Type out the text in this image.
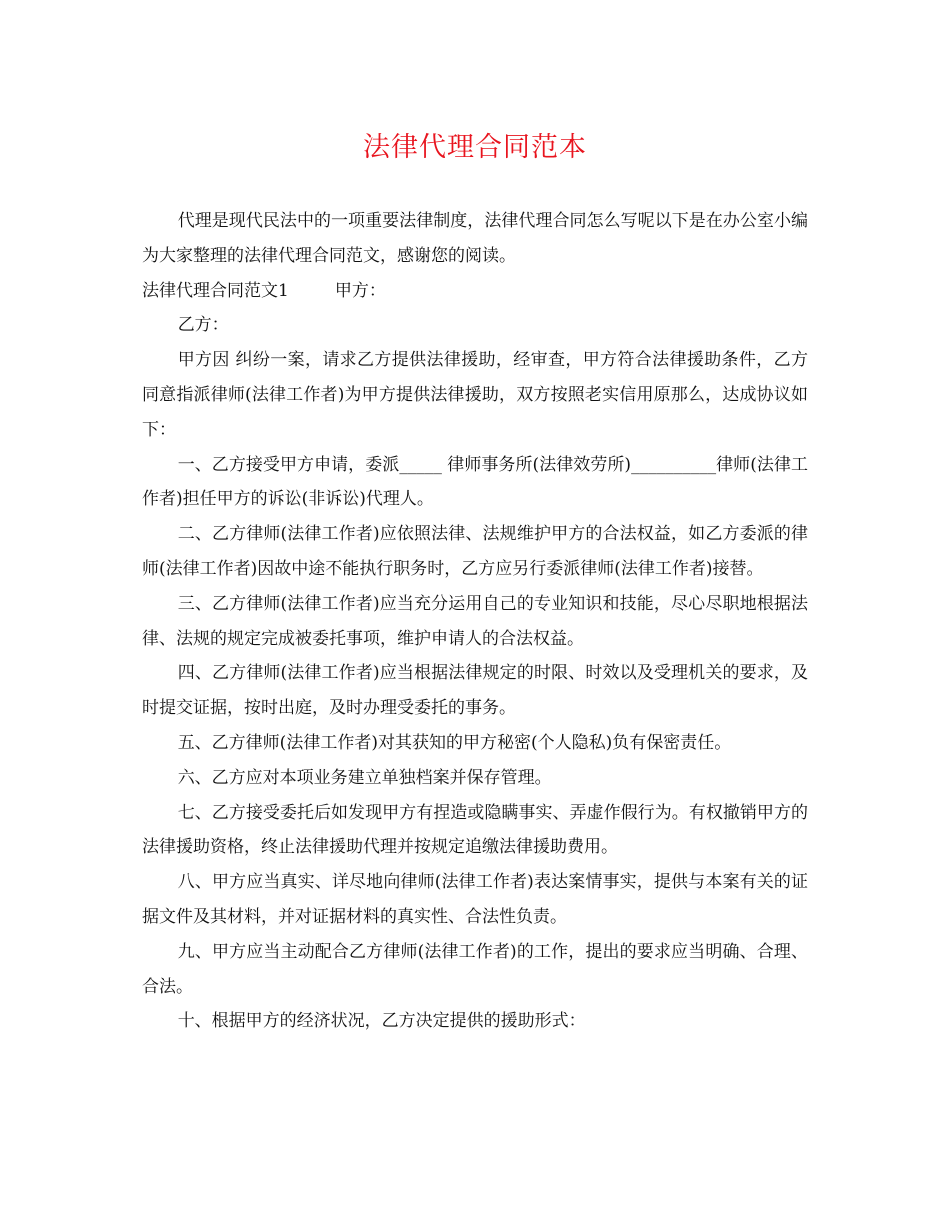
法律代理合同范本

代理是现代民法中的一项重要法律制度，法律代理合同怎么写呢以下是在办公室小编为大家整理的法律代理合同范文，感谢您的阅读。

法律代理合同范文1	甲方：

乙方：

甲方因 纠纷一案，请求乙方提供法律援助，经审查，甲方符合法律援助条件，乙方同意指派律师(法律工作者)为甲方提供法律援助，双方按照老实信用原那么，达成协议如下：

一、乙方接受甲方申请，委派_____ 律师事务所(法律效劳所)__________律师(法律工作者)担任甲方的诉讼(非诉讼)代理人。

二、乙方律师(法律工作者)应依照法律、法规维护甲方的合法权益，如乙方委派的律师(法律工作者)因故中途不能执行职务时，乙方应另行委派律师(法律工作者)接替。

三、乙方律师(法律工作者)应当充分运用自己的专业知识和技能，尽心尽职地根据法律、法规的规定完成被委托事项，维护申请人的合法权益。

四、乙方律师(法律工作者)应当根据法律规定的时限、时效以及受理机关的要求，及时提交证据，按时出庭，及时办理受委托的事务。

五、乙方律师(法律工作者)对其获知的甲方秘密(个人隐私)负有保密责任。

六、乙方应对本项业务建立单独档案并保存管理。

七、乙方接受委托后如发现甲方有捏造或隐瞒事实、弄虚作假行为。有权撤销甲方的法律援助资格，终止法律援助代理并按规定追缴法律援助费用。

八、甲方应当真实、详尽地向律师(法律工作者)表达案情事实，提供与本案有关的证据文件及其材料，并对证据材料的真实性、合法性负责。

九、甲方应当主动配合乙方律师(法律工作者)的工作，提出的要求应当明确、合理、合法。

十、根据甲方的经济状况，乙方决定提供的援助形式：
